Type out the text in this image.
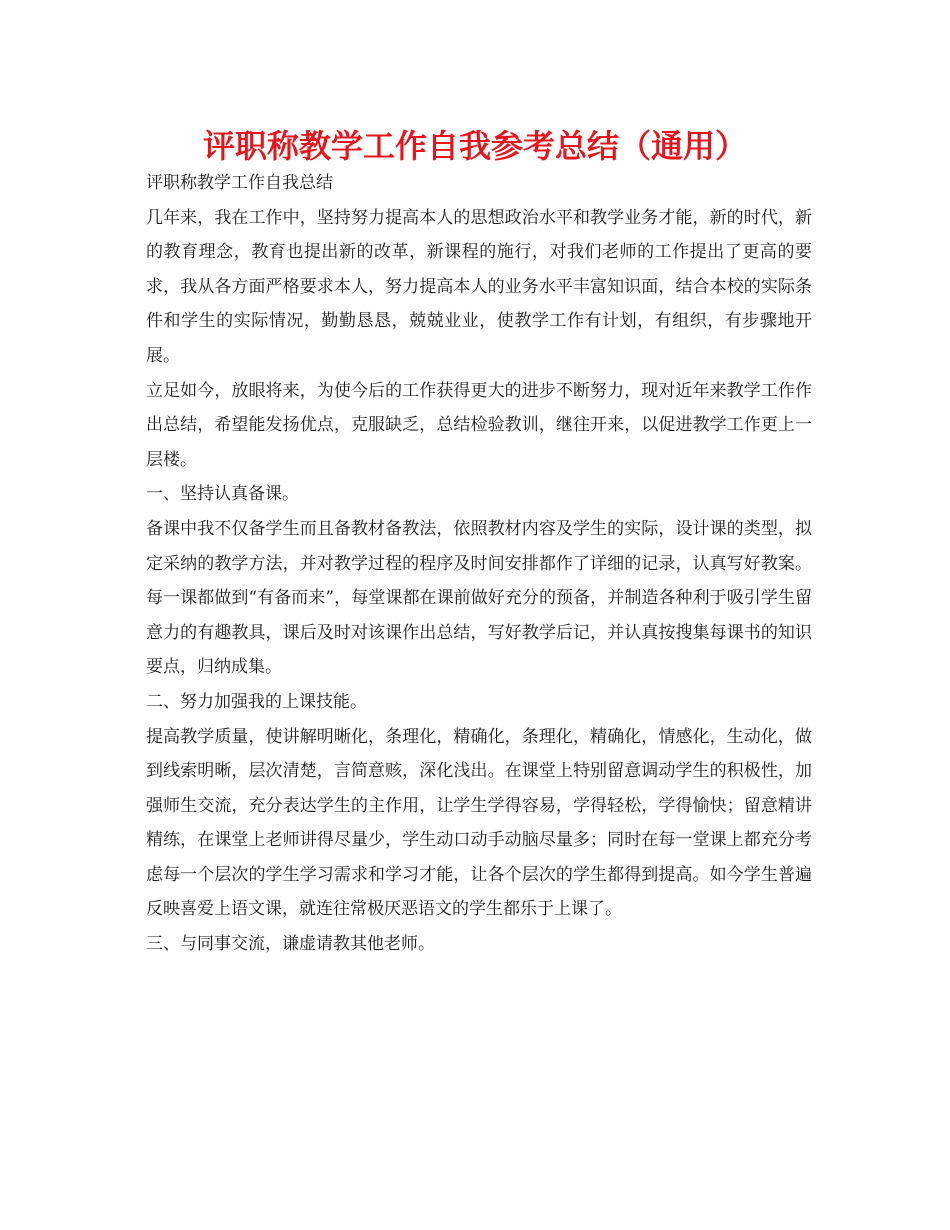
评职称教学工作自我参考总结（通用）

评职称教学工作自我总结

几年来，我在工作中，坚持努力提高本人的思想政治水平和教学业务才能，新的时代，新的教育理念，教育也提出新的改革，新课程的施行，对我们老师的工作提出了更高的要求，我从各方面严格要求本人，努力提高本人的业务水平丰富知识面，结合本校的实际条件和学生的实际情况，勤勤恳恳，兢兢业业，使教学工作有计划，有组织，有步骤地开展。

立足如今，放眼将来，为使今后的工作获得更大的进步不断努力，现对近年来教学工作作出总结，希望能发扬优点，克服缺乏，总结检验教训，继往开来，以促进教学工作更上一层楼。

一、坚持认真备课。

备课中我不仅备学生而且备教材备教法，依照教材内容及学生的实际，设计课的类型，拟定采纳的教学方法，并对教学过程的程序及时间安排都作了详细的记录，认真写好教案。每一课都做到“有备而来”，每堂课都在课前做好充分的预备，并制造各种利于吸引学生留意力的有趣教具，课后及时对该课作出总结，写好教学后记，并认真按搜集每课书的知识要点，归纳成集。

二、努力加强我的上课技能。

提高教学质量，使讲解明晰化，条理化，精确化，条理化，精确化，情感化，生动化，做到线索明晰，层次清楚，言简意赅，深化浅出。在课堂上特别留意调动学生的积极性，加强师生交流，充分表达学生的主作用，让学生学得容易，学得轻松，学得愉快；留意精讲精练，在课堂上老师讲得尽量少，学生动口动手动脑尽量多；同时在每一堂课上都充分考虑每一个层次的学生学习需求和学习才能，让各个层次的学生都得到提高。如今学生普遍反映喜爱上语文课，就连往常极厌恶语文的学生都乐于上课了。

三、与同事交流，谦虚请教其他老师。
